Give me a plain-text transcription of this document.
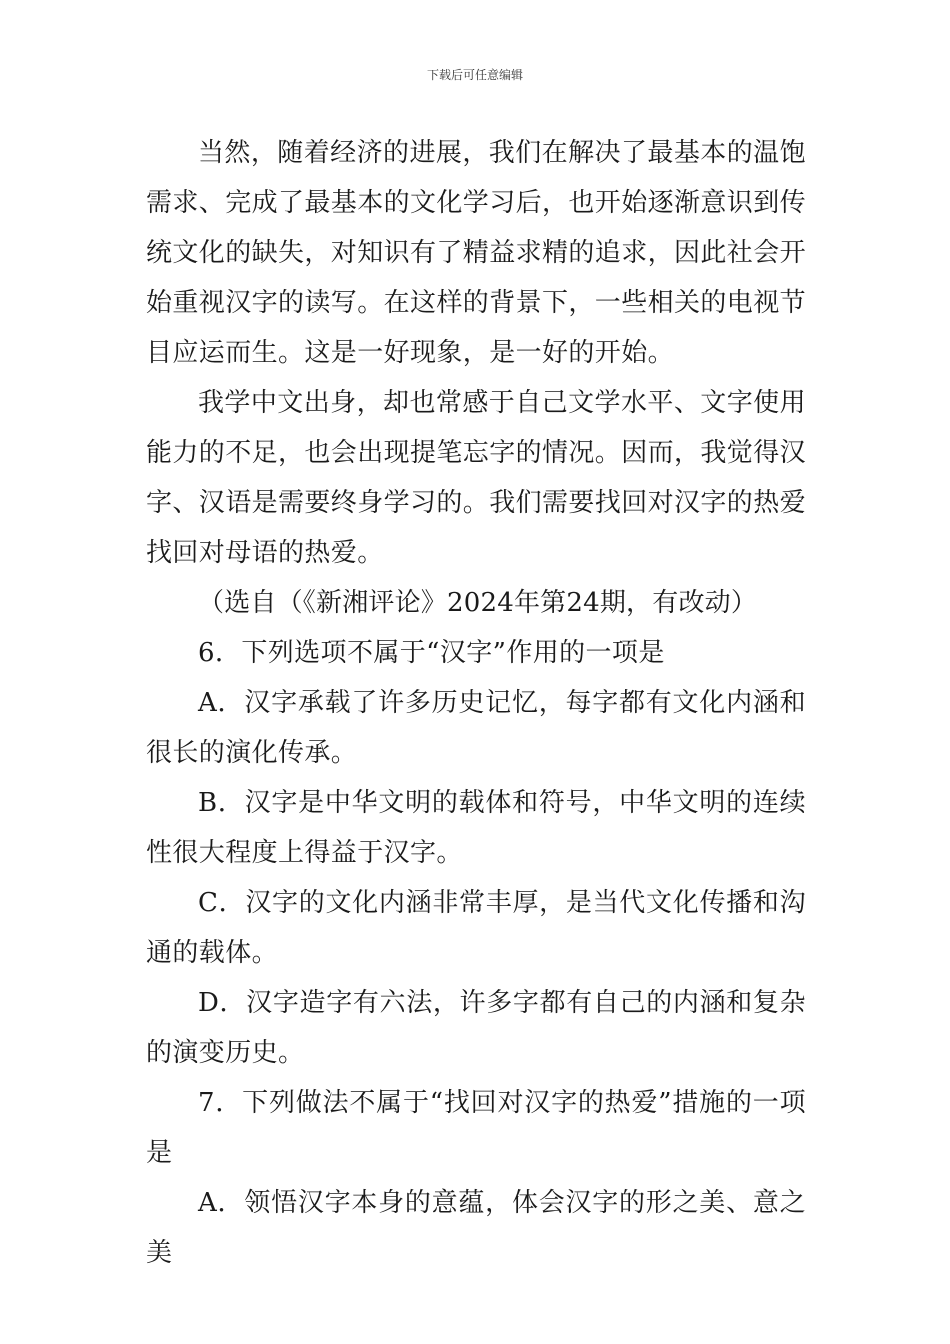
下载后可任意编辑

当然，随着经济的进展，我们在解决了最基本的温饱需求、完成了最基本的文化学习后，也开始逐渐意识到传统文化的缺失，对知识有了精益求精的追求，因此社会开始重视汉字的读写。在这样的背景下，一些相关的电视节目应运而生。这是一好现象，是一好的开始。

我学中文出身，却也常感于自己文学水平、文字使用能力的不足，也会出现提笔忘字的情况。因而，我觉得汉字、汉语是需要终身学习的。我们需要找回对汉字的热爱找回对母语的热爱。

（选自（《新湘评论》2024年第24期，有改动）

6．下列选项不属于“汉字”作用的一项是

A．汉字承载了许多历史记忆，每字都有文化内涵和很长的演化传承。

B．汉字是中华文明的载体和符号，中华文明的连续性很大程度上得益于汉字。

C．汉字的文化内涵非常丰厚，是当代文化传播和沟通的载体。

D．汉字造字有六法，许多字都有自己的内涵和复杂的演变历史。

7．下列做法不属于“找回对汉字的热爱”措施的一项是

A．领悟汉字本身的意蕴，体会汉字的形之美、意之美
